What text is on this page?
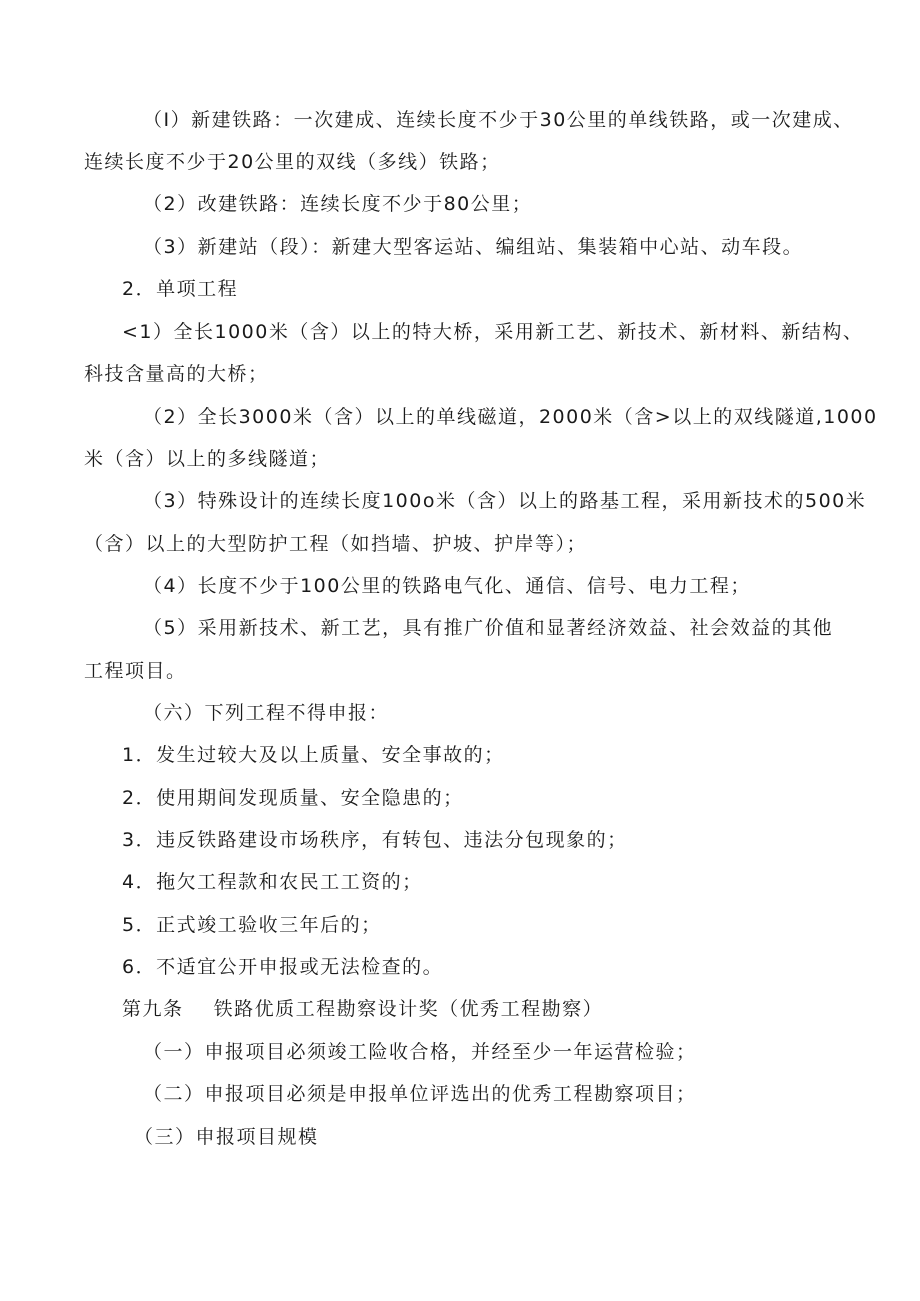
（I）新建铁路：一次建成、连续长度不少于30公里的单线铁路，或一次建成、
连续长度不少于20公里的双线（多线）铁路；
（2）改建铁路：连续长度不少于80公里；
（3）新建站（段）：新建大型客运站、编组站、集装箱中心站、动车段。
2．单项工程
<1）全长1000米（含）以上的特大桥，采用新工艺、新技术、新材料、新结构、
科技含量高的大桥；
（2）全长3000米（含）以上的单线磁道，2000米（含>以上的双线隧道,1000
米（含）以上的多线隧道；
（3）特殊设计的连续长度100o米（含）以上的路基工程，采用新技术的500米
（含）以上的大型防护工程（如挡墙、护坡、护岸等）；
（4）长度不少于100公里的铁路电气化、通信、信号、电力工程；
（5）采用新技术、新工艺，具有推广价值和显著经济效益、社会效益的其他
工程项目。
（六）下列工程不得申报：
1．发生过较大及以上质量、安全事故的；
2．使用期间发现质量、安全隐患的；
3．违反铁路建设市场秩序，有转包、违法分包现象的；
4．拖欠工程款和农民工工资的；
5．正式竣工验收三年后的；
6．不适宜公开申报或无法检查的。
第九条    铁路优质工程勘察设计奖（优秀工程勘察）
（一）申报项目必须竣工险收合格，并经至少一年运营检验；
（二）申报项目必须是申报单位评选出的优秀工程勘察项目；
（三）申报项目规模
